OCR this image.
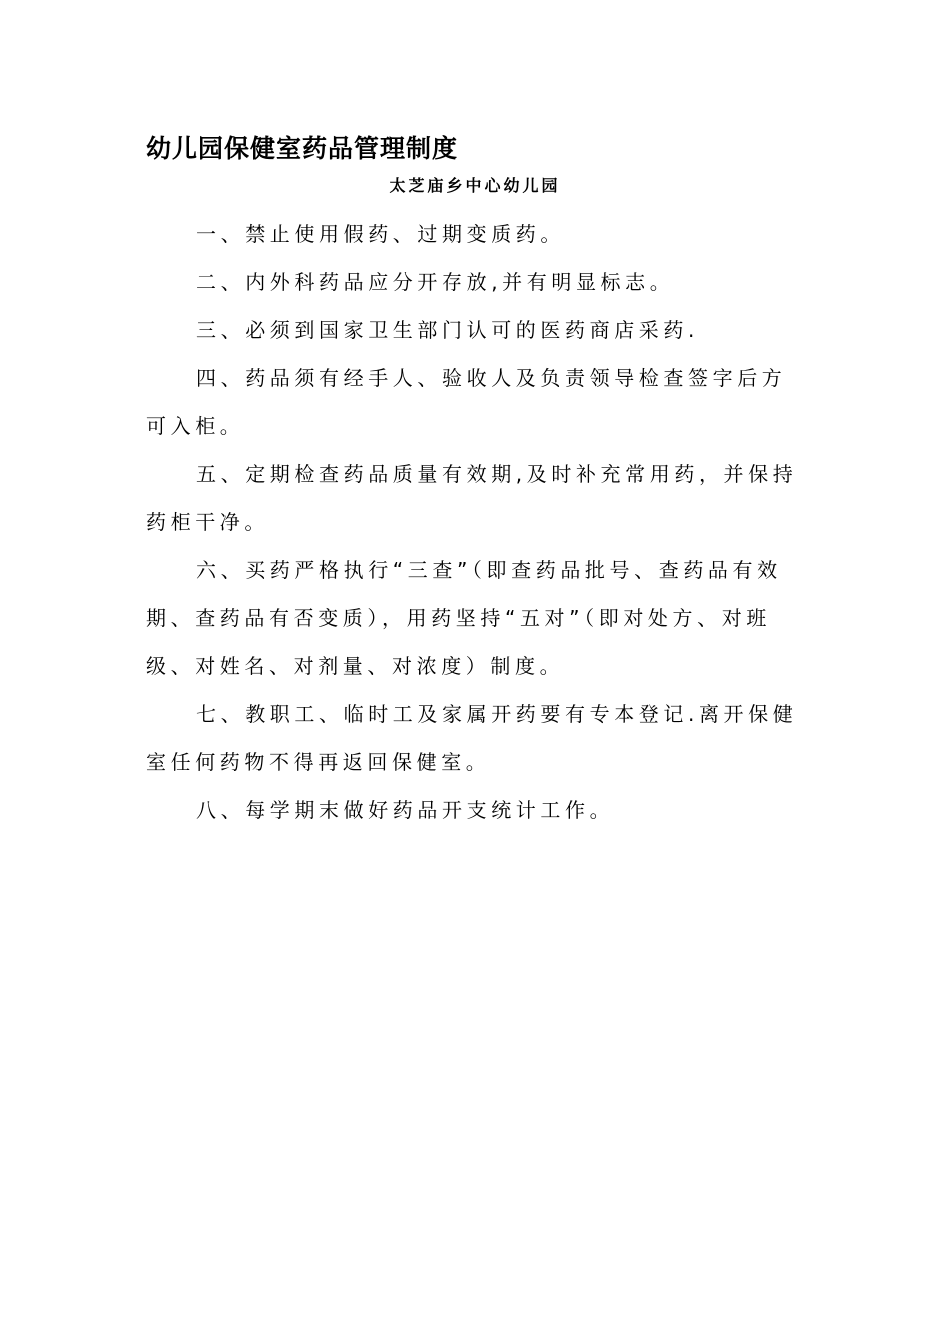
幼儿园保健室药品管理制度
太芝庙乡中心幼儿园

一、禁止使用假药、过期变质药。

二、内外科药品应分开存放,并有明显标志。

三、必须到国家卫生部门认可的医药商店采药.

四、药品须有经手人、验收人及负责领导检查签字后方可入柜。

五、定期检查药品质量有效期,及时补充常用药，并保持药柜干净。

六、买药严格执行“三查”（即查药品批号、查药品有效期、查药品有否变质），用药坚持“五对”（即对处方、对班级、对姓名、对剂量、对浓度）制度。

七、教职工、临时工及家属开药要有专本登记.离开保健室任何药物不得再返回保健室。

八、每学期末做好药品开支统计工作。
